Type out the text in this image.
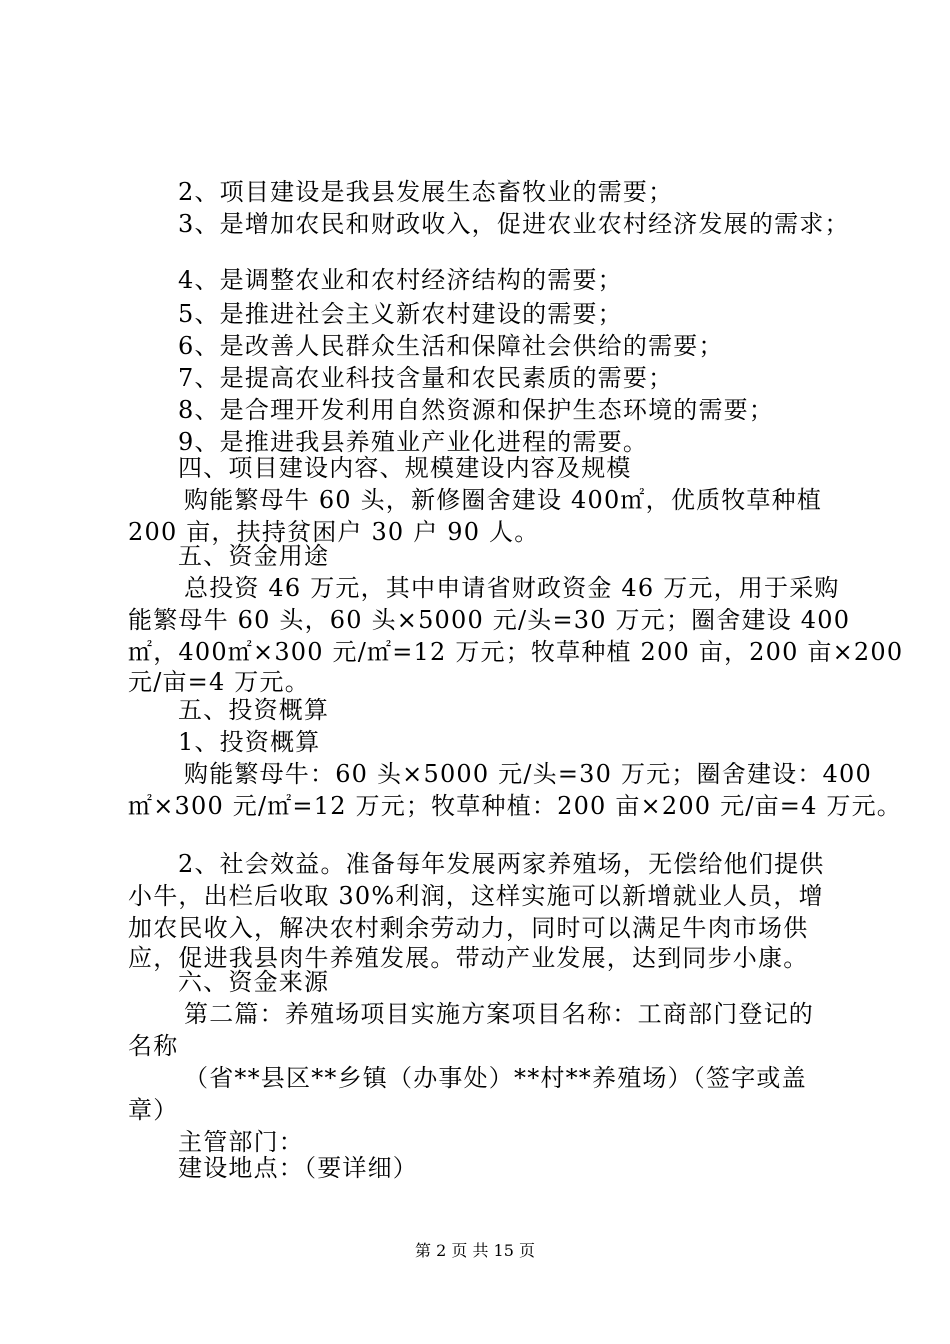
2、项目建设是我县发展生态畜牧业的需要；
3、是增加农民和财政收入，促进农业农村经济发展的需求；
4、是调整农业和农村经济结构的需要；
5、是推进社会主义新农村建设的需要；
6、是改善人民群众生活和保障社会供给的需要；
7、是提高农业科技含量和农民素质的需要；
8、是合理开发利用自然资源和保护生态环境的需要；
9、是推进我县养殖业产业化进程的需要。
四、项目建设内容、规模建设内容及规模
购能繁母牛 60 头，新修圈舍建设 400㎡，优质牧草种植
200 亩，扶持贫困户 30 户 90 人。
五、资金用途
总投资 46 万元，其中申请省财政资金 46 万元，用于采购
能繁母牛 60 头，60 头×5000 元/头=30 万元；圈舍建设 400
㎡，400㎡×300 元/㎡=12 万元；牧草种植 200 亩，200 亩×200
元/亩=4 万元。
五、投资概算
1、投资概算
购能繁母牛：60 头×5000 元/头=30 万元；圈舍建设：400
㎡×300 元/㎡=12 万元；牧草种植：200 亩×200 元/亩=4 万元。
2、社会效益。准备每年发展两家养殖场，无偿给他们提供
小牛，出栏后收取 30%利润，这样实施可以新增就业人员，增
加农民收入，解决农村剩余劳动力，同时可以满足牛肉市场供
应，促进我县肉牛养殖发展。带动产业发展，达到同步小康。
六、资金来源
第二篇：养殖场项目实施方案项目名称：工商部门登记的
名称
（省**县区**乡镇（办事处）**村**养殖场）（签字或盖
章）
主管部门：
建设地点：（要详细）
第 2 页 共 15 页
